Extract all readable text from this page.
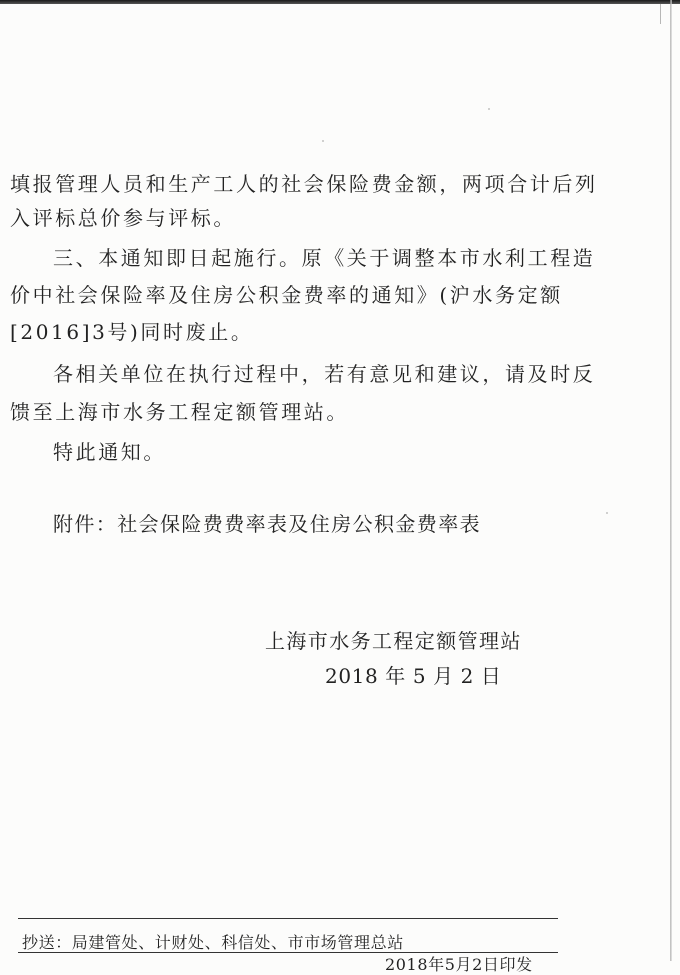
填报管理人员和生产工人的社会保险费金额，两项合计后列
入评标总价参与评标。
三、本通知即日起施行。原《关于调整本市水利工程造
价中社会保险率及住房公积金费率的通知》(沪水务定额
[2016]3号)同时废止。
各相关单位在执行过程中，若有意见和建议，请及时反
馈至上海市水务工程定额管理站。
特此通知。
附件：社会保险费费率表及住房公积金费率表
上海市水务工程定额管理站
2018 年 5 月 2 日
抄送：局建管处、计财处、科信处、市市场管理总站
2018年5月2日印发
